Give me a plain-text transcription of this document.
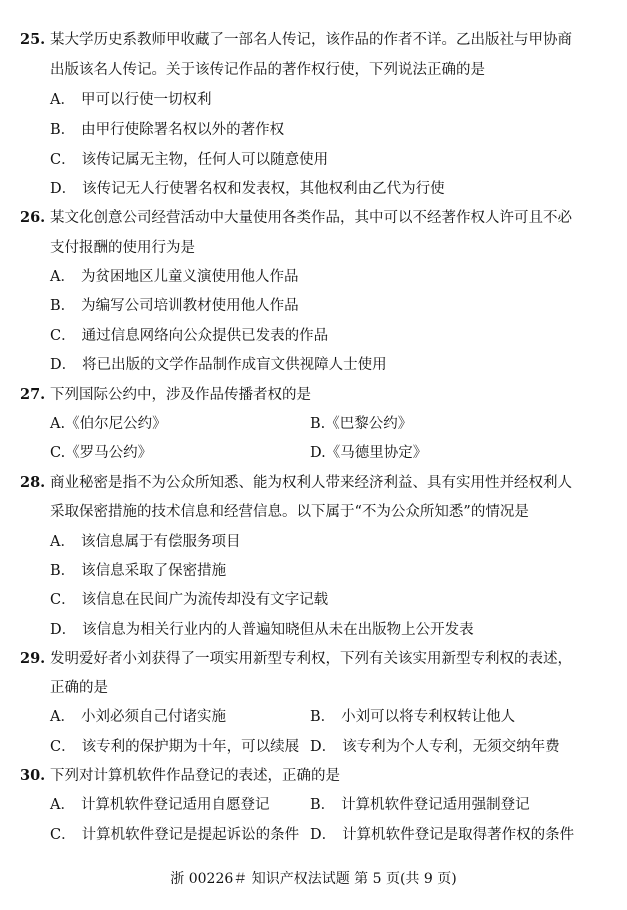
25. 某大学历史系教师甲收藏了一部名人传记，该作品的作者不详。乙出版社与甲协商
出版该名人传记。关于该传记作品的著作权行使，下列说法正确的是
A． 甲可以行使一切权利
B． 由甲行使除署名权以外的著作权
C． 该传记属无主物，任何人可以随意使用
D． 该传记无人行使署名权和发表权，其他权利由乙代为行使
26. 某文化创意公司经营活动中大量使用各类作品，其中可以不经著作权人许可且不必
支付报酬的使用行为是
A． 为贫困地区儿童义演使用他人作品
B． 为编写公司培训教材使用他人作品
C． 通过信息网络向公众提供已发表的作品
D． 将已出版的文学作品制作成盲文供视障人士使用
27. 下列国际公约中，涉及作品传播者权的是
A.《伯尔尼公约》	B.《巴黎公约》
C.《罗马公约》	D.《马德里协定》
28. 商业秘密是指不为公众所知悉、能为权利人带来经济利益、具有实用性并经权利人
采取保密措施的技术信息和经营信息。以下属于“不为公众所知悉”的情况是
A． 该信息属于有偿服务项目
B． 该信息采取了保密措施
C． 该信息在民间广为流传却没有文字记载
D． 该信息为相关行业内的人普遍知晓但从未在出版物上公开发表
29. 发明爱好者小刘获得了一项实用新型专利权，下列有关该实用新型专利权的表述，
正确的是
A． 小刘必须自己付诸实施	B． 小刘可以将专利权转让他人
C． 该专利的保护期为十年，可以续展 D． 该专利为个人专利，无须交纳年费
30. 下列对计算机软件作品登记的表述，正确的是
A． 计算机软件登记适用自愿登记	B． 计算机软件登记适用强制登记
C． 计算机软件登记是提起诉讼的条件 D． 计算机软件登记是取得著作权的条件
浙 00226＃ 知识产权法试题 第 5 页(共 9 页)
